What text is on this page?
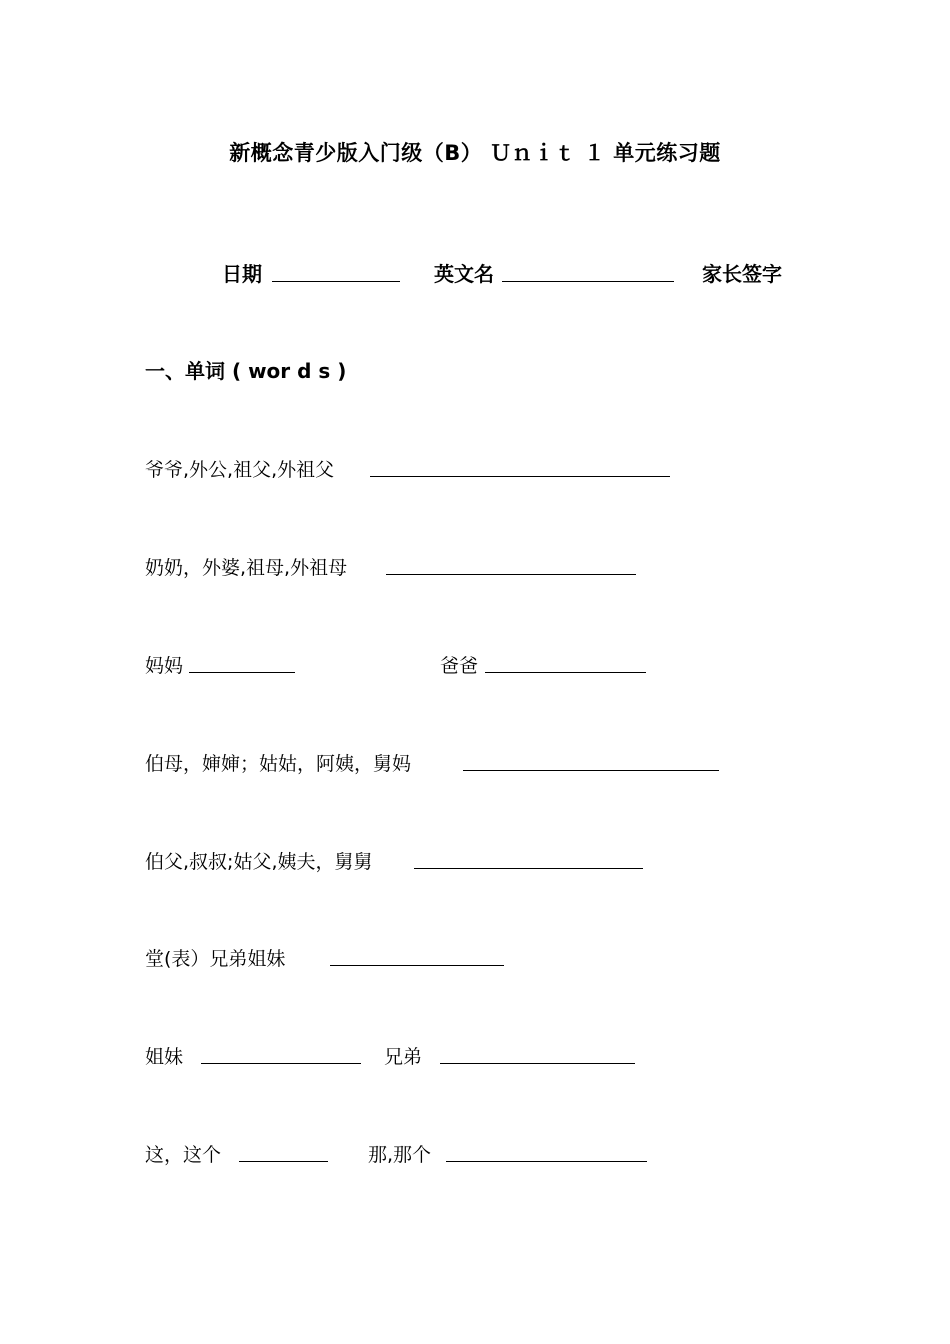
新概念青少版入门级（B） Ｕｎｉｔ １ 单元练习题
日期	英文名	家长签字
一、单词 ( wor d s )
爷爷,外公,祖父,外祖父
奶奶，外婆,祖母,外祖母
妈妈	爸爸
伯母，婶婶；姑姑，阿姨，舅妈
伯父,叔叔;姑父,姨夫，舅舅
堂(表）兄弟姐妹
姐妹	兄弟
这，这个	那,那个
